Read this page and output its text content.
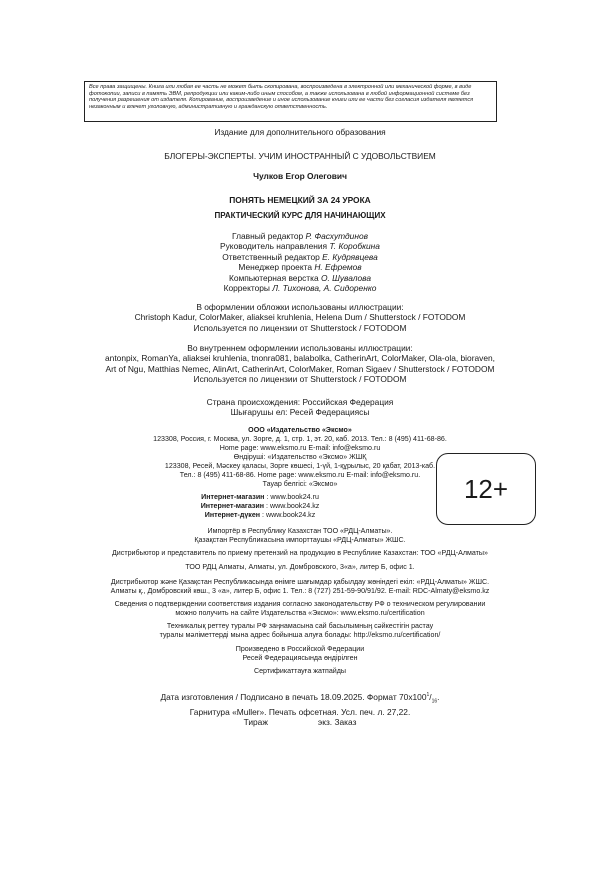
Все права защищены. Книга или любая ее часть не может быть скопирована, воспроизведена в электронной или механической форме, в виде фотокопии, записи в память ЭВМ, репродукции или каким-либо иным способом, а также использована в любой информационной системе без получения разрешения от издателя. Копирование, воспроизведение и иное использование книги или ее части без согласия издателя является незаконным и влечет уголовную, административную и гражданскую ответственность.

Издание для дополнительного образования
БЛОГЕРЫ-ЭКСПЕРТЫ. УЧИМ ИНОСТРАННЫЙ С УДОВОЛЬСТВИЕМ
Чулков Егор Олегович
ПОНЯТЬ НЕМЕЦКИЙ ЗА 24 УРОКА
ПРАКТИЧЕСКИЙ КУРС ДЛЯ НАЧИНАЮЩИХ
Главный редактор Р. Фасхутдинов
Руководитель направления Т. Коробкина
Ответственный редактор Е. Кудрявцева
Менеджер проекта Н. Ефремов
Компьютерная верстка О. Шувалова
Корректоры Л. Тихонова, А. Сидоренко
В оформлении обложки использованы иллюстрации:
Christoph Kadur, ColorMaker, aliaksei kruhlenia, Helena Dum / Shutterstock / FOTODOM
Используется по лицензии от Shutterstock / FOTODOM
Во внутреннем оформлении использованы иллюстрации:
antonpix, RomanYa, aliaksei kruhlenia, tnonra081, balabolka, CatherinArt, ColorMaker, Ola-ola, bioraven,
Art of Ngu, Matthias Nemec, AlinArt, CatherinArt, ColorMaker, Roman Sigaev / Shutterstock / FOTODOM
Используется по лицензии от Shutterstock / FOTODOM
Страна происхождения: Российская Федерация
Шығарушы ел: Ресей Федерациясы
ООО «Издательство «Эксмо»
123308, Россия, г. Москва, ул. Зорге, д. 1, стр. 1, эт. 20, каб. 2013. Тел.: 8 (495) 411-68-86.
Home page: www.eksmo.ru E-mail: info@eksmo.ru
Өндіруші: «Издательство «Эксмо» ЖШҚ
123308, Ресей, Мәскеу қаласы, Зорге көшесі, 1-үй, 1-құрылыс, 20 қабат, 2013-каб.
Тел.: 8 (495) 411-68-86. Home page: www.eksmo.ru E-mail: info@eksmo.ru.
Тауар белгісі: «Эксмо»
Интернет-магазин : www.book24.ru
Интернет-магазин : www.book24.kz
Интернет-дүкен : www.book24.kz
12+
Импортёр в Республику Казахстан ТОО «РДЦ-Алматы».
Қазақстан Республикасына импорттаушы «РДЦ-Алматы» ЖШС.
Дистрибьютор и представитель по приему претензий на продукцию в Республике Казахстан: ТОО «РДЦ-Алматы»
ТОО РДЦ Алматы, Алматы, ул. Домбровского, 3«а», литер Б, офис 1.
Дистрибьютор және Қазақстан Республикасында өнімге шағымдар қабылдау жөніндегі екіл: «РДЦ-Алматы» ЖШС.
Алматы қ., Домбровский көш., 3 «а», литер Б, офис 1. Тел.: 8 (727) 251-59-90/91/92. E-mail: RDC-Almaty@eksmo.kz
Сведения о подтверждении соответствия издания согласно законодательству РФ о техническом регулировании
можно получить на сайте Издательства «Эксмо»: www.eksmo.ru/certification
Техникалық реттеу туралы РФ заңнамасына сай басылымның сәйкестігін растау
туралы мәліметтерді мына адрес бойынша алуға болады: http://eksmo.ru/certification/
Произведено в Российской Федерации
Ресей Федерациясында өндірілген
Сертификаттауға жатпайды
Дата изготовления / Подписано в печать 18.09.2025. Формат $70x100^1/_{16}$.
Гарнитура «Muller». Печать офсетная. Усл. печ. л. 27,22.
Тираж	экз. Заказ
